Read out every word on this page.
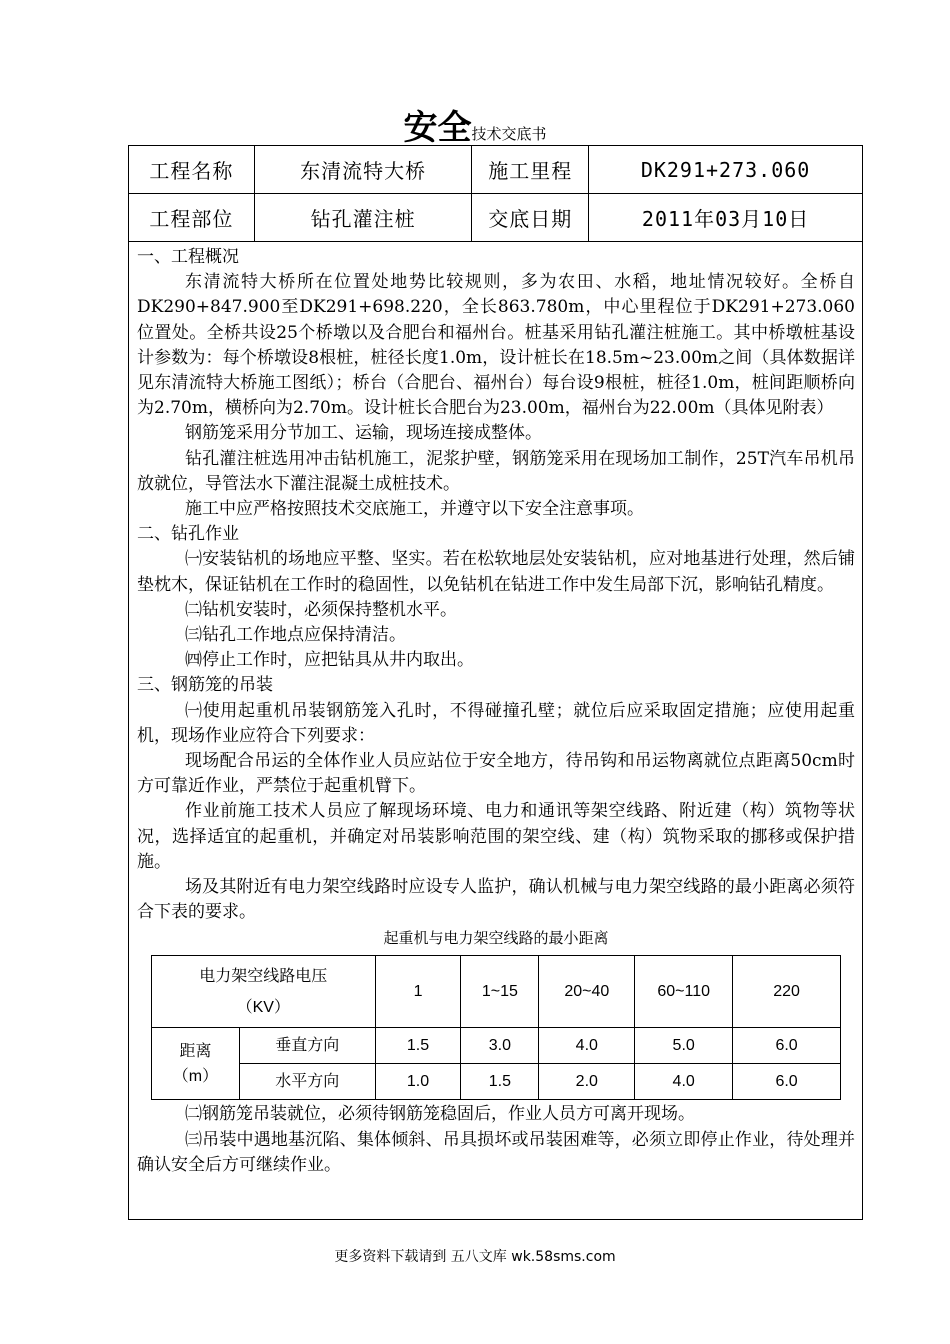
安全技术交底书
工程名称	东清流特大桥	施工里程	DK291+273.060
工程部位	钻孔灌注桩	交底日期	2011年03月10日

一、工程概况

东清流特大桥所在位置处地势比较规则，多为农田、水稻，地址情况较好。全桥自DK290+847.900至DK291+698.220，全长863.780m，中心里程位于DK291+273.060位置处。全桥共设25个桥墩以及合肥台和福州台。桩基采用钻孔灌注桩施工。其中桥墩桩基设计参数为：每个桥墩设8根桩，桩径长度1.0m，设计桩长在18.5m~23.00m之间（具体数据详见东清流特大桥施工图纸）；桥台（合肥台、福州台）每台设9根桩，桩径1.0m，桩间距顺桥向为2.70m，横桥向为2.70m。设计桩长合肥台为23.00m，福州台为22.00m（具体见附表）

钢筋笼采用分节加工、运输，现场连接成整体。

钻孔灌注桩选用冲击钻机施工，泥浆护壁，钢筋笼采用在现场加工制作，25T汽车吊机吊放就位，导管法水下灌注混凝土成桩技术。

施工中应严格按照技术交底施工，并遵守以下安全注意事项。

二、钻孔作业

㈠安装钻机的场地应平整、坚实。若在松软地层处安装钻机，应对地基进行处理，然后铺垫枕木，保证钻机在工作时的稳固性，以免钻机在钻进工作中发生局部下沉，影响钻孔精度。

㈡钻机安装时，必须保持整机水平。

㈢钻孔工作地点应保持清洁。

㈣停止工作时，应把钻具从井内取出。

三、钢筋笼的吊装

㈠使用起重机吊装钢筋笼入孔时，不得碰撞孔壁；就位后应采取固定措施；应使用起重机，现场作业应符合下列要求：

现场配合吊运的全体作业人员应站位于安全地方，待吊钩和吊运物离就位点距离50cm时方可靠近作业，严禁位于起重机臂下。

作业前施工技术人员应了解现场环境、电力和通讯等架空线路、附近建（构）筑物等状况，选择适宜的起重机，并确定对吊装影响范围的架空线、建（构）筑物采取的挪移或保护措施。

场及其附近有电力架空线路时应设专人监护，确认机械与电力架空线路的最小距离必须符合下表的要求。

起重机与电力架空线路的最小距离
电力架空线路电压
（KV）		1	1~15	20~40	60~110	220

距离
（m）	垂直方向	1.5	3.0	4.0	5.0	6.0
	水平方向	1.0	1.5	2.0	4.0	6.0

㈡钢筋笼吊装就位，必须待钢筋笼稳固后，作业人员方可离开现场。

㈢吊装中遇地基沉陷、集体倾斜、吊具损坏或吊装困难等，必须立即停止作业，待处理并确认安全后方可继续作业。

更多资料下载请到 五八文库 wk.58sms.com
